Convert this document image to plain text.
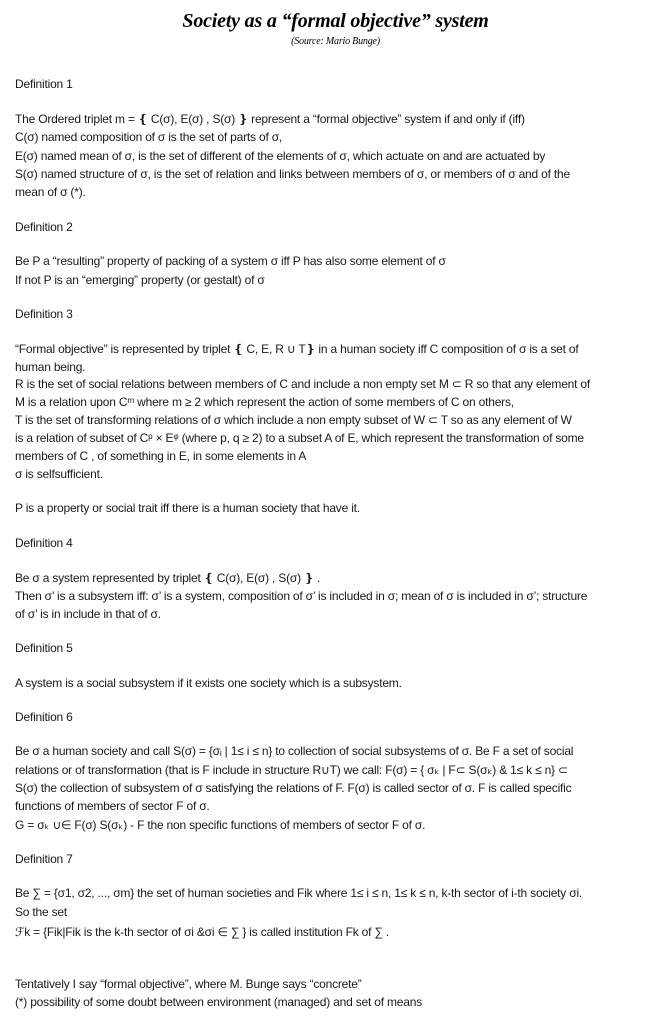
Society as a “formal objective” system
(Source: Mario Bunge)
Definition 1
The Ordered triplet m = ❴ C(σ), E(σ) , S(σ) ❵ represent a “formal objective” system if and only if (iff)
C(σ) named composition of σ is the set of parts of σ,
E(σ) named mean of σ, is the set of different of the elements of σ, which actuate on and are actuated by
S(σ) named structure of σ, is the set of relation and links between members of σ, or members of σ and of the
mean of σ (*).
Definition 2
Be P a “resulting” property of packing of a system σ iff P has also some element of σ
If not P is an “emerging” property (or gestalt) of σ
Definition 3
“Formal objective” is represented by triplet ❴ C, E, R ∪ T❵ in a human society iff C composition of σ is a set of
human being.
R is the set of social relations between members of C and include a non empty set M ⊂ R so that any element of
M is a relation upon Cᵐ where m ≥ 2 which represent the action of some members of C on others,
T is the set of transforming relations of σ which include a non empty subset of W ⊂ T so as any element of W
is a relation of subset of Cᵖ × Eᵠ (where p, q ≥ 2) to a subset A of E, which represent the transformation of some
members of C , of something in E, in some elements in A
σ is selfsufficient.
P is a property or social trait iff there is a human society that have it.
Definition 4
Be σ a system represented by triplet ❴ C(σ), E(σ) , S(σ) ❵ .
Then σ’ is a subsystem iff: σ’ is a system, composition of σ’ is included in σ; mean of σ is included in σ’; structure
of σ’ is in include in that of σ.
Definition 5
A system is a social subsystem if it exists one society which is a subsystem.
Definition 6
Be σ a human society and call S(σ) = {σᵢ | 1≤ i ≤ n} to collection of social subsystems of σ. Be F a set of social
relations or of transformation (that is F include in structure R∪T) we call: F(σ) = { σₖ | F⊂ S(σₖ) & 1≤ k ≤ n} ⊂
S(σ) the collection of subsystem of σ satisfying the relations of F. F(σ) is called sector of σ. F is called specific
functions of members of sector F of σ.
G = σₖ ∪∈ F(σ) S(σₖ) - F the non specific functions of members of sector F of σ.
Definition 7
Be ∑ = {σ1, σ2, ..., σm} the set of human societies and Fik where 1≤ i ≤ n, 1≤ k ≤ n, k-th sector of i-th society σi.
So the set
ℱk = {Fik|Fik is the k-th sector of σi &σi ∈ ∑ } is called institution Fk of ∑ .
Tentatively I say “formal objective”, where M. Bunge says “concrete”
(*) possibility of some doubt between environment (managed) and set of means
